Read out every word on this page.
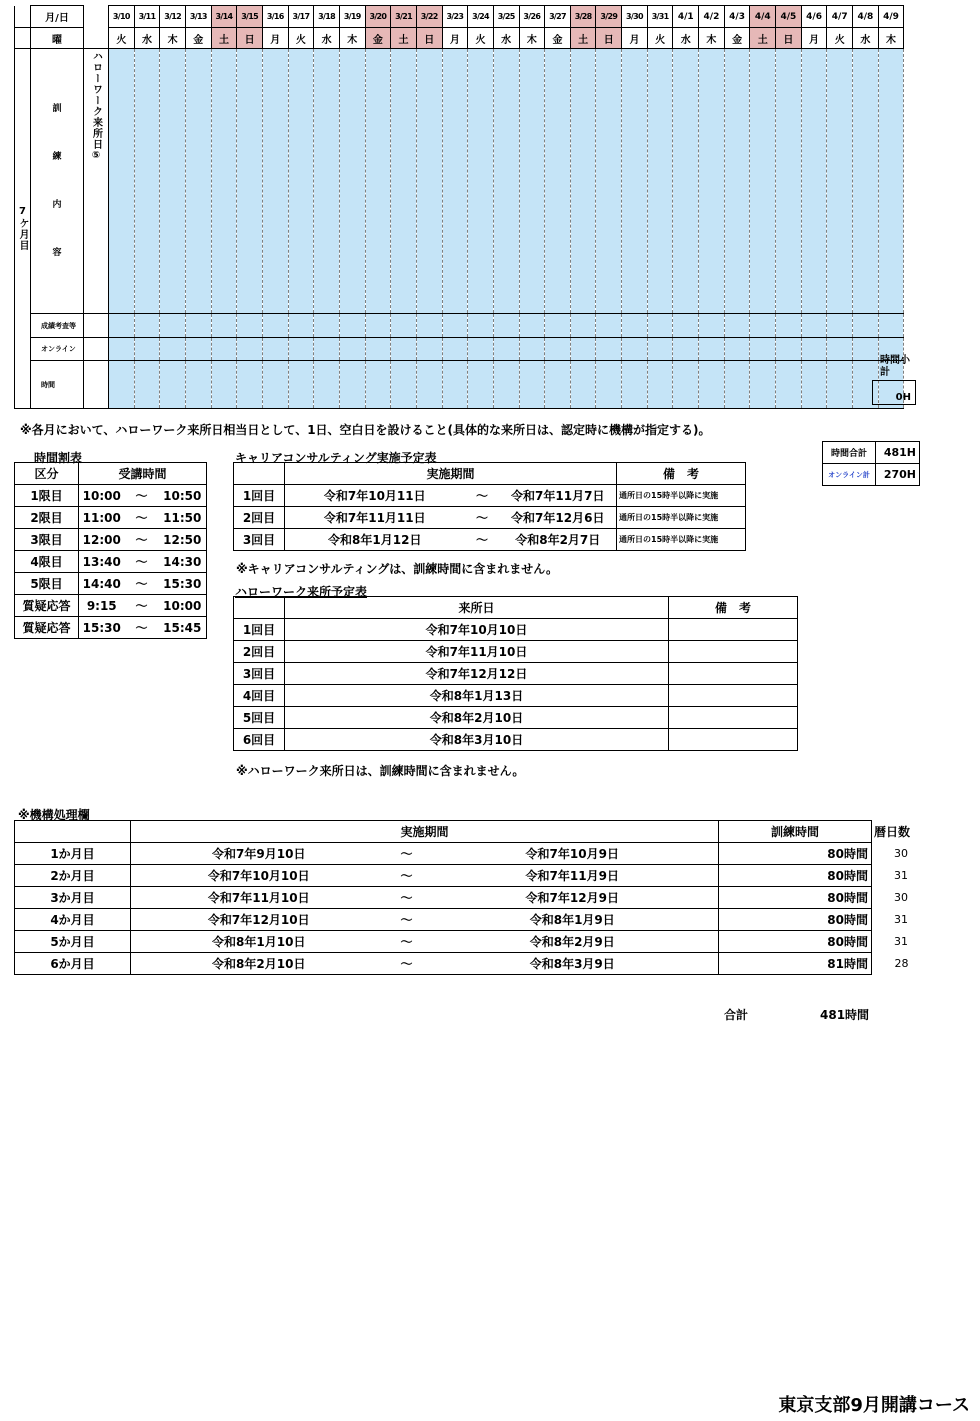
	月/日		3/10	3/11	3/12	3/13	3/14	3/15	3/16	3/17	3/18	3/19	3/20	3/21	3/22	3/23	3/24	3/25	3/26	3/27	3/28	3/29	3/30	3/31	4/1	4/2	4/3	4/4	4/5	4/6	4/7	4/8	4/9
	曜		火	水	木	金	土	日	月	火	水	木	金	土	日	月	火	水	木	金	土	日	月	火	水	木	金	土	日	月	火	水	木

7ケ月目	訓
練
内
容	ハローワーク来所日⑤																															

	成績考査等																																
	オンライン																																
	時間																																
時間小計
0H
※各月において、ハローワーク来所日相当日として、1日、空白日を設けること(具体的な来所日は、認定時に機構が指定する)。
時間合計	481H
オンライン計	270H
時間割表
区分	受講時間		
1限目	10:00	～	10:50
2限目	11:00	～	11:50
3限目	12:00	～	12:50
4限目	13:40	～	14:30
5限目	14:40	～	15:30
質疑応答	9:15	～	10:00
質疑応答	15:30	～	15:45
キャリアコンサルティング実施予定表
	実施期間			備　考
1回目	令和7年10月11日	～	令和7年11月7日	通所日の15時半以降に実施
2回目	令和7年11月11日	～	令和7年12月6日	通所日の15時半以降に実施
3回目	令和8年1月12日	～	令和8年2月7日	通所日の15時半以降に実施
※キャリアコンサルティングは、訓練時間に含まれません。
ハローワーク来所予定表
	来所日	備　考
1回目	令和7年10月10日	
2回目	令和7年11月10日	
3回目	令和7年12月12日	
4回目	令和8年1月13日	
5回目	令和8年2月10日	
6回目	令和8年3月10日	
※ハローワーク来所日は、訓練時間に含まれません。
※機構処理欄
	実施期間			訓練時間	暦日数
1か月目	令和7年9月10日	～	令和7年10月9日	80時間	30
2か月目	令和7年10月10日	～	令和7年11月9日	80時間	31
3か月目	令和7年11月10日	～	令和7年12月9日	80時間	30
4か月目	令和7年12月10日	～	令和8年1月9日	80時間	31
5か月目	令和8年1月10日	～	令和8年2月9日	80時間	31
6か月目	令和8年2月10日	～	令和8年3月9日	81時間	28
合計	481時間
東京支部9月開講コース
